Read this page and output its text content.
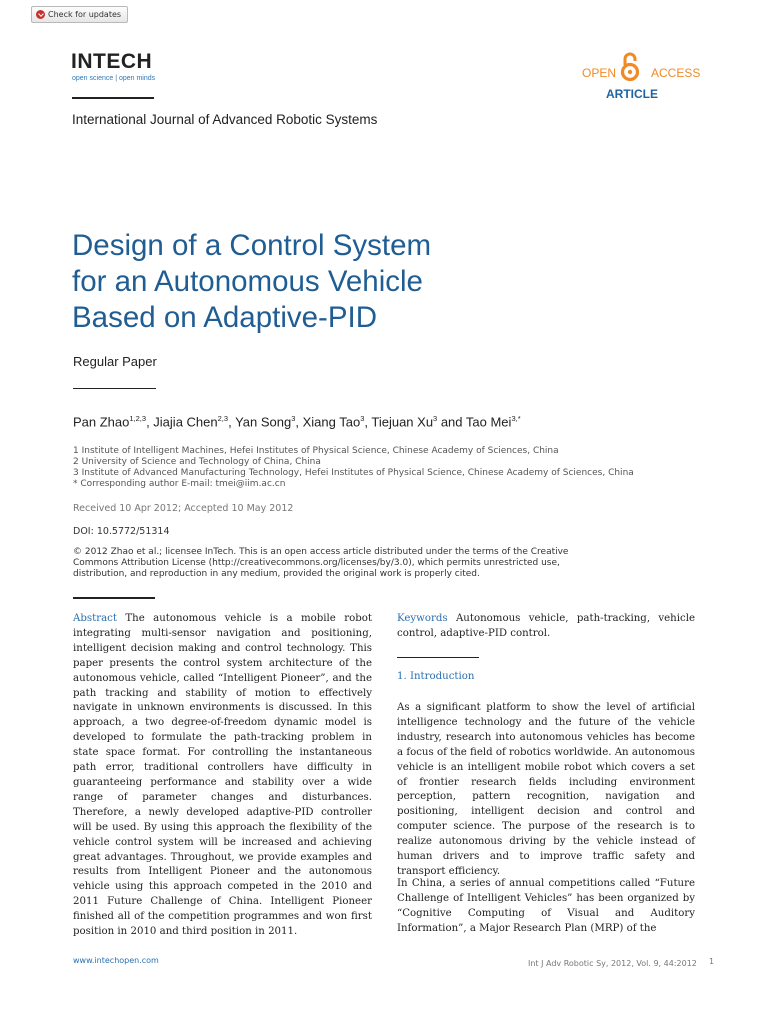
Check for updates
INTECH
open science | open minds	OPEN	ACCESS
ARTICLE
International Journal of Advanced Robotic Systems
Design of a Control System
for an Autonomous Vehicle
Based on Adaptive-PID
Regular Paper
Pan Zhao$^{1,2,3}$, Jiajia Chen$^{2,3}$, Yan Song$^3$, Xiang Tao$^3$, Tiejuan Xu$^3$ and Tao Mei$^{3,*}$
1 Institute of Intelligent Machines, Hefei Institutes of Physical Science, Chinese Academy of Sciences, China
2 University of Science and Technology of China, China
3 Institute of Advanced Manufacturing Technology, Hefei Institutes of Physical Science, Chinese Academy of Sciences, China
* Corresponding author E-mail: tmei@iim.ac.cn
Received 10 Apr 2012; Accepted 10 May 2012
DOI: 10.5772/51314
© 2012 Zhao et al.; licensee InTech. This is an open access article distributed under the terms of the Creative Commons Attribution License (http://creativecommons.org/licenses/by/3.0), which permits unrestricted use, distribution, and reproduction in any medium, provided the original work is properly cited.
Abstract The autonomous vehicle is a mobile robot integrating multi-sensor navigation and positioning, intelligent decision making and control technology. This paper presents the control system architecture of the autonomous vehicle, called “Intelligent Pioneer”, and the path tracking and stability of motion to effectively navigate in unknown environments is discussed. In this approach, a two degree-of-freedom dynamic model is developed to formulate the path-tracking problem in state space format. For controlling the instantaneous path error, traditional controllers have difficulty in guaranteeing performance and stability over a wide range of parameter changes and disturbances. Therefore, a newly developed adaptive-PID controller will be used. By using this approach the flexibility of the vehicle control system will be increased and achieving great advantages. Throughout, we provide examples and results from Intelligent Pioneer and the autonomous vehicle using this approach competed in the 2010 and 2011 Future Challenge of China. Intelligent Pioneer finished all of the competition programmes and won first position in 2010 and third position in 2011.
Keywords Autonomous vehicle, path-tracking, vehicle control, adaptive-PID control.
1. Introduction
As a significant platform to show the level of artificial intelligence technology and the future of the vehicle industry, research into autonomous vehicles has become a focus of the field of robotics worldwide. An autonomous vehicle is an intelligent mobile robot which covers a set of frontier research fields including environment perception, pattern recognition, navigation and positioning, intelligent decision and control and computer science. The purpose of the research is to realize autonomous driving by the vehicle instead of human drivers and to improve traffic safety and transport efficiency.
In China, a series of annual competitions called “Future Challenge of Intelligent Vehicles” has been organized by “Cognitive Computing of Visual and Auditory Information”, a Major Research Plan (MRP) of the
www.intechopen.com	Int J Adv Robotic Sy, 2012, Vol. 9, 44:2012 1
